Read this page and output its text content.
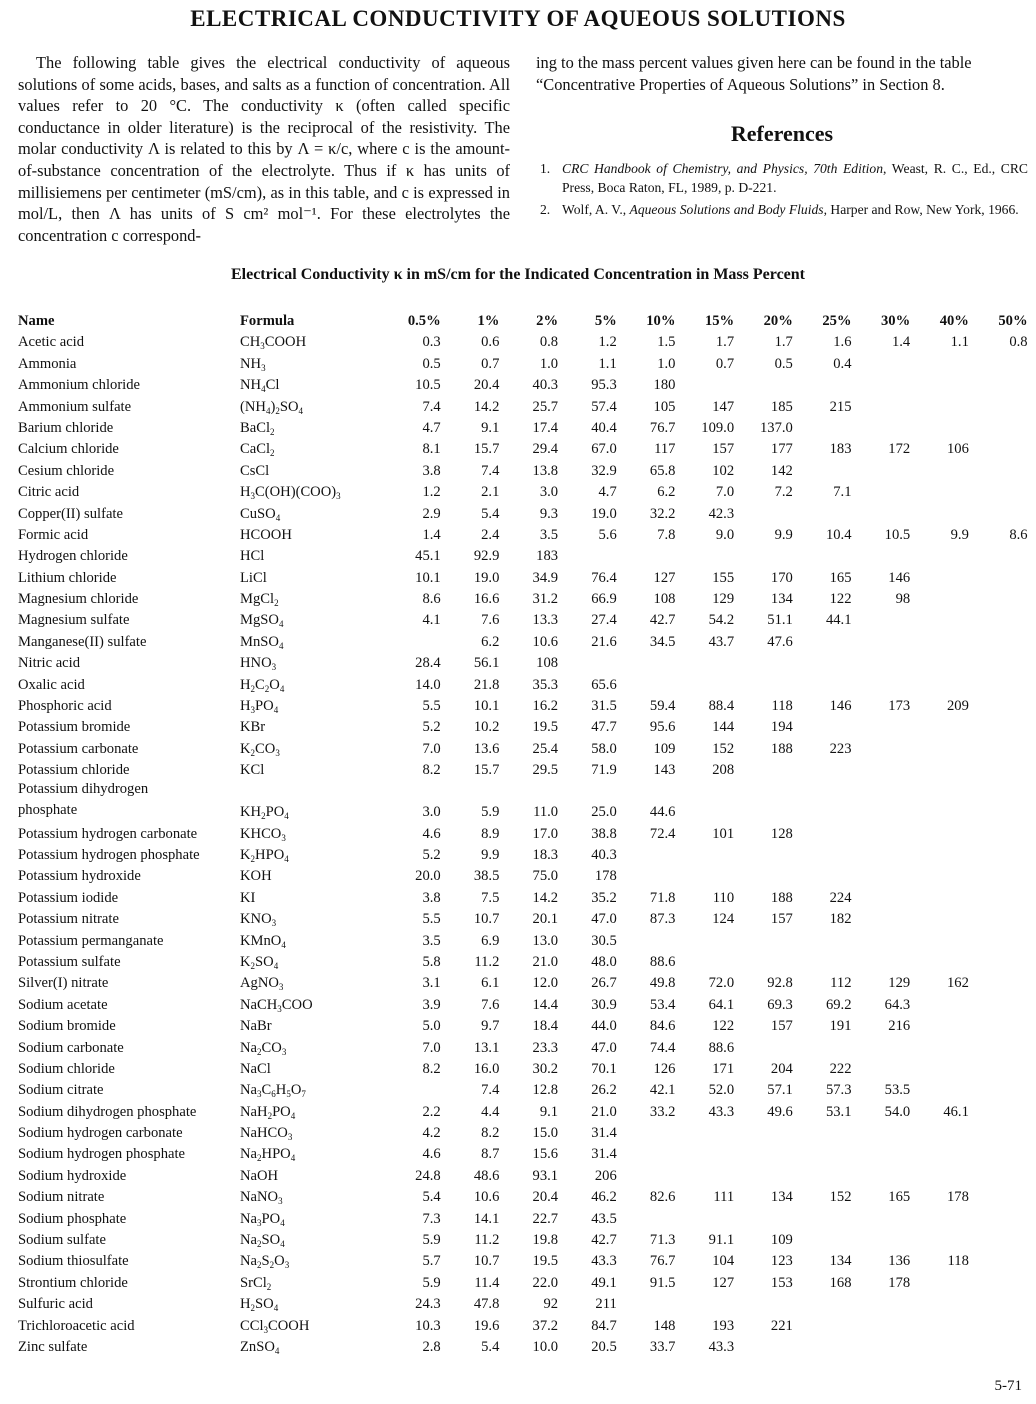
ELECTRICAL CONDUCTIVITY OF AQUEOUS SOLUTIONS

The following table gives the electrical conductivity of aqueous solutions of some acids, bases, and salts as a function of concentration. All values refer to 20 °C. The conductivity κ (often called specific conductance in older literature) is the reciprocal of the resistivity. The molar conductivity Λ is related to this by Λ = κ/c, where c is the amount-of-substance concentration of the electrolyte. Thus if κ has units of millisiemens per centimeter (mS/cm), as in this table, and c is expressed in mol/L, then Λ has units of S cm² mol⁻¹. For these electrolytes the concentration c correspond-

ing to the mass percent values given here can be found in the table “Concentrative Properties of Aqueous Solutions” in Section 8.

References
1. CRC Handbook of Chemistry, and Physics, 70th Edition, Weast, R. C., Ed., CRC Press, Boca Raton, FL, 1989, p. D-221.
2. Wolf, A. V., Aqueous Solutions and Body Fluids, Harper and Row, New York, 1966.
Electrical Conductivity κ in mS/cm for the Indicated Concentration in Mass Percent
Name	Formula	0.5%	1%	2%	5%	10%	15%	20%	25%	30%	40%	50%
Acetic acid	$CH_3COOH$	0.3	0.6	0.8	1.2	1.5	1.7	1.7	1.6	1.4	1.1	0.8
Ammonia	$NH_3$	0.5	0.7	1.0	1.1	1.0	0.7	0.5	0.4			
Ammonium chloride	$NH_4Cl$	10.5	20.4	40.3	95.3	180						
Ammonium sulfate	$(NH_4)_2SO_4$	7.4	14.2	25.7	57.4	105	147	185	215			
Barium chloride	BaCl$_2$	4.7	9.1	17.4	40.4	76.7	109.0	137.0				
Calcium chloride	CaCl$_2$	8.1	15.7	29.4	67.0	117	157	177	183	172	106	
Cesium chloride	CsCl	3.8	7.4	13.8	32.9	65.8	102	142				
Citric acid	$H_3C(OH)(COO)_3$	1.2	2.1	3.0	4.7	6.2	7.0	7.2	7.1			
Copper(II) sulfate	CuSO$_4$	2.9	5.4	9.3	19.0	32.2	42.3					
Formic acid	HCOOH	1.4	2.4	3.5	5.6	7.8	9.0	9.9	10.4	10.5	9.9	8.6
Hydrogen chloride	HCl	45.1	92.9	183								
Lithium chloride	LiCl	10.1	19.0	34.9	76.4	127	155	170	165	146		
Magnesium chloride	MgCl$_2$	8.6	16.6	31.2	66.9	108	129	134	122	98		
Magnesium sulfate	MgSO$_4$	4.1	7.6	13.3	27.4	42.7	54.2	51.1	44.1			
Manganese(II) sulfate	MnSO$_4$		6.2	10.6	21.6	34.5	43.7	47.6				
Nitric acid	$HNO_3$	28.4	56.1	108								
Oxalic acid	$H_2C_2O_4$	14.0	21.8	35.3	65.6							
Phosphoric acid	$H_3PO_4$	5.5	10.1	16.2	31.5	59.4	88.4	118	146	173	209	
Potassium bromide	KBr	5.2	10.2	19.5	47.7	95.6	144	194				
Potassium carbonate	$K_2CO_3$	7.0	13.6	25.4	58.0	109	152	188	223			
Potassium chloride	KCl	8.2	15.7	29.5	71.9	143	208					
Potassium dihydrogen
phosphate	$KH_2PO_4$	3.0	5.9	11.0	25.0	44.6						
Potassium hydrogen carbonate	$KHCO_3$	4.6	8.9	17.0	38.8	72.4	101	128				
Potassium hydrogen phosphate	$K_2HPO_4$	5.2	9.9	18.3	40.3							
Potassium hydroxide	KOH	20.0	38.5	75.0	178							
Potassium iodide	KI	3.8	7.5	14.2	35.2	71.8	110	188	224			
Potassium nitrate	$KNO_3$	5.5	10.7	20.1	47.0	87.3	124	157	182			
Potassium permanganate	KMnO$_4$	3.5	6.9	13.0	30.5							
Potassium sulfate	$K_2SO_4$	5.8	11.2	21.0	48.0	88.6						
Silver(I) nitrate	AgNO$_3$	3.1	6.1	12.0	26.7	49.8	72.0	92.8	112	129	162	
Sodium acetate	NaCH$_3$COO	3.9	7.6	14.4	30.9	53.4	64.1	69.3	69.2	64.3		
Sodium bromide	NaBr	5.0	9.7	18.4	44.0	84.6	122	157	191	216		
Sodium carbonate	$Na_2CO_3$	7.0	13.1	23.3	47.0	74.4	88.6					
Sodium chloride	NaCl	8.2	16.0	30.2	70.1	126	171	204	222			
Sodium citrate	$Na_3C_6H_5O_7$		7.4	12.8	26.2	42.1	52.0	57.1	57.3	53.5		
Sodium dihydrogen phosphate	$NaH_2PO_4$	2.2	4.4	9.1	21.0	33.2	43.3	49.6	53.1	54.0	46.1	
Sodium hydrogen carbonate	NaHCO$_3$	4.2	8.2	15.0	31.4							
Sodium hydrogen phosphate	$Na_2HPO_4$	4.6	8.7	15.6	31.4							
Sodium hydroxide	NaOH	24.8	48.6	93.1	206							
Sodium nitrate	NaNO$_3$	5.4	10.6	20.4	46.2	82.6	111	134	152	165	178	
Sodium phosphate	$Na_3PO_4$	7.3	14.1	22.7	43.5							
Sodium sulfate	$Na_2SO_4$	5.9	11.2	19.8	42.7	71.3	91.1	109				
Sodium thiosulfate	$Na_2S_2O_3$	5.7	10.7	19.5	43.3	76.7	104	123	134	136	118	
Strontium chloride	SrCl$_2$	5.9	11.4	22.0	49.1	91.5	127	153	168	178		
Sulfuric acid	$H_2SO_4$	24.3	47.8	92	211							
Trichloroacetic acid	CCl$_3$COOH	10.3	19.6	37.2	84.7	148	193	221				
Zinc sulfate	ZnSO$_4$	2.8	5.4	10.0	20.5	33.7	43.3					
5-71
